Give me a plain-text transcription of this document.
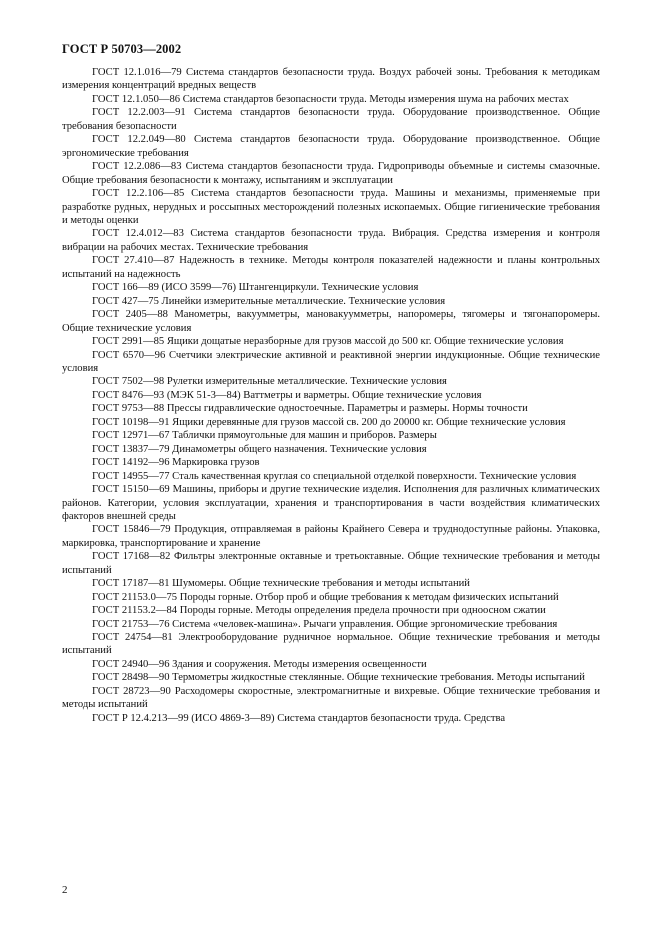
ГОСТ Р 50703—2002

ГОСТ 12.1.016—79 Система стандартов безопасности труда. Воздух рабочей зоны. Требования к методикам измерения концентраций вредных веществ

ГОСТ 12.1.050—86 Система стандартов безопасности труда. Методы измерения шума на рабочих местах

ГОСТ 12.2.003—91 Система стандартов безопасности труда. Оборудование производственное. Общие требования безопасности

ГОСТ 12.2.049—80 Система стандартов безопасности труда. Оборудование производственное. Общие эргономические требования

ГОСТ 12.2.086—83 Система стандартов безопасности труда. Гидроприводы объемные и системы смазочные. Общие требования безопасности к монтажу, испытаниям и эксплуатации

ГОСТ 12.2.106—85 Система стандартов безопасности труда. Машины и механизмы, применяемые при разработке рудных, нерудных и россыпных месторождений полезных ископаемых. Общие гигиенические требования и методы оценки

ГОСТ 12.4.012—83 Система стандартов безопасности труда. Вибрация. Средства измерения и контроля вибрации на рабочих местах. Технические требования

ГОСТ 27.410—87 Надежность в технике. Методы контроля показателей надежности и планы контрольных испытаний на надежность

ГОСТ 166—89 (ИСО 3599—76) Штангенциркули. Технические условия

ГОСТ 427—75 Линейки измерительные металлические. Технические условия

ГОСТ 2405—88 Манометры, вакуумметры, мановакуумметры, напоромеры, тягомеры и тягонапоромеры. Общие технические условия

ГОСТ 2991—85 Ящики дощатые неразборные для грузов массой до 500 кг. Общие технические условия

ГОСТ 6570—96 Счетчики электрические активной и реактивной энергии индукционные. Общие технические условия

ГОСТ 7502—98 Рулетки измерительные металлические. Технические условия

ГОСТ 8476—93 (МЭК 51-3—84) Ваттметры и варметры. Общие технические условия

ГОСТ 9753—88 Прессы гидравлические одностоечные. Параметры и размеры. Нормы точности

ГОСТ 10198—91 Ящики деревянные для грузов массой св. 200 до 20000 кг. Общие технические условия

ГОСТ 12971—67 Таблички прямоугольные для машин и приборов. Размеры

ГОСТ 13837—79 Динамометры общего назначения. Технические условия

ГОСТ 14192—96 Маркировка грузов

ГОСТ 14955—77 Сталь качественная круглая со специальной отделкой поверхности. Технические условия

ГОСТ 15150—69 Машины, приборы и другие технические изделия. Исполнения для различных климатических районов. Категории, условия эксплуатации, хранения и транспортирования в части воздействия климатических факторов внешней среды

ГОСТ 15846—79 Продукция, отправляемая в районы Крайнего Севера и труднодоступные районы. Упаковка, маркировка, транспортирование и хранение

ГОСТ 17168—82 Фильтры электронные октавные и третьоктавные. Общие технические требования и методы испытаний

ГОСТ 17187—81 Шумомеры. Общие технические требования и методы испытаний

ГОСТ 21153.0—75 Породы горные. Отбор проб и общие требования к методам физических испытаний

ГОСТ 21153.2—84 Породы горные. Методы определения предела прочности при одноосном сжатии

ГОСТ 21753—76 Система «человек-машина». Рычаги управления. Общие эргономические требования

ГОСТ 24754—81 Электрооборудование рудничное нормальное. Общие технические требования и методы испытаний

ГОСТ 24940—96 Здания и сооружения. Методы измерения освещенности

ГОСТ 28498—90 Термометры жидкостные стеклянные. Общие технические требования. Методы испытаний

ГОСТ 28723—90 Расходомеры скоростные, электромагнитные и вихревые. Общие технические требования и методы испытаний

ГОСТ Р 12.4.213—99 (ИСО 4869-3—89) Система стандартов безопасности труда. Средства

2
